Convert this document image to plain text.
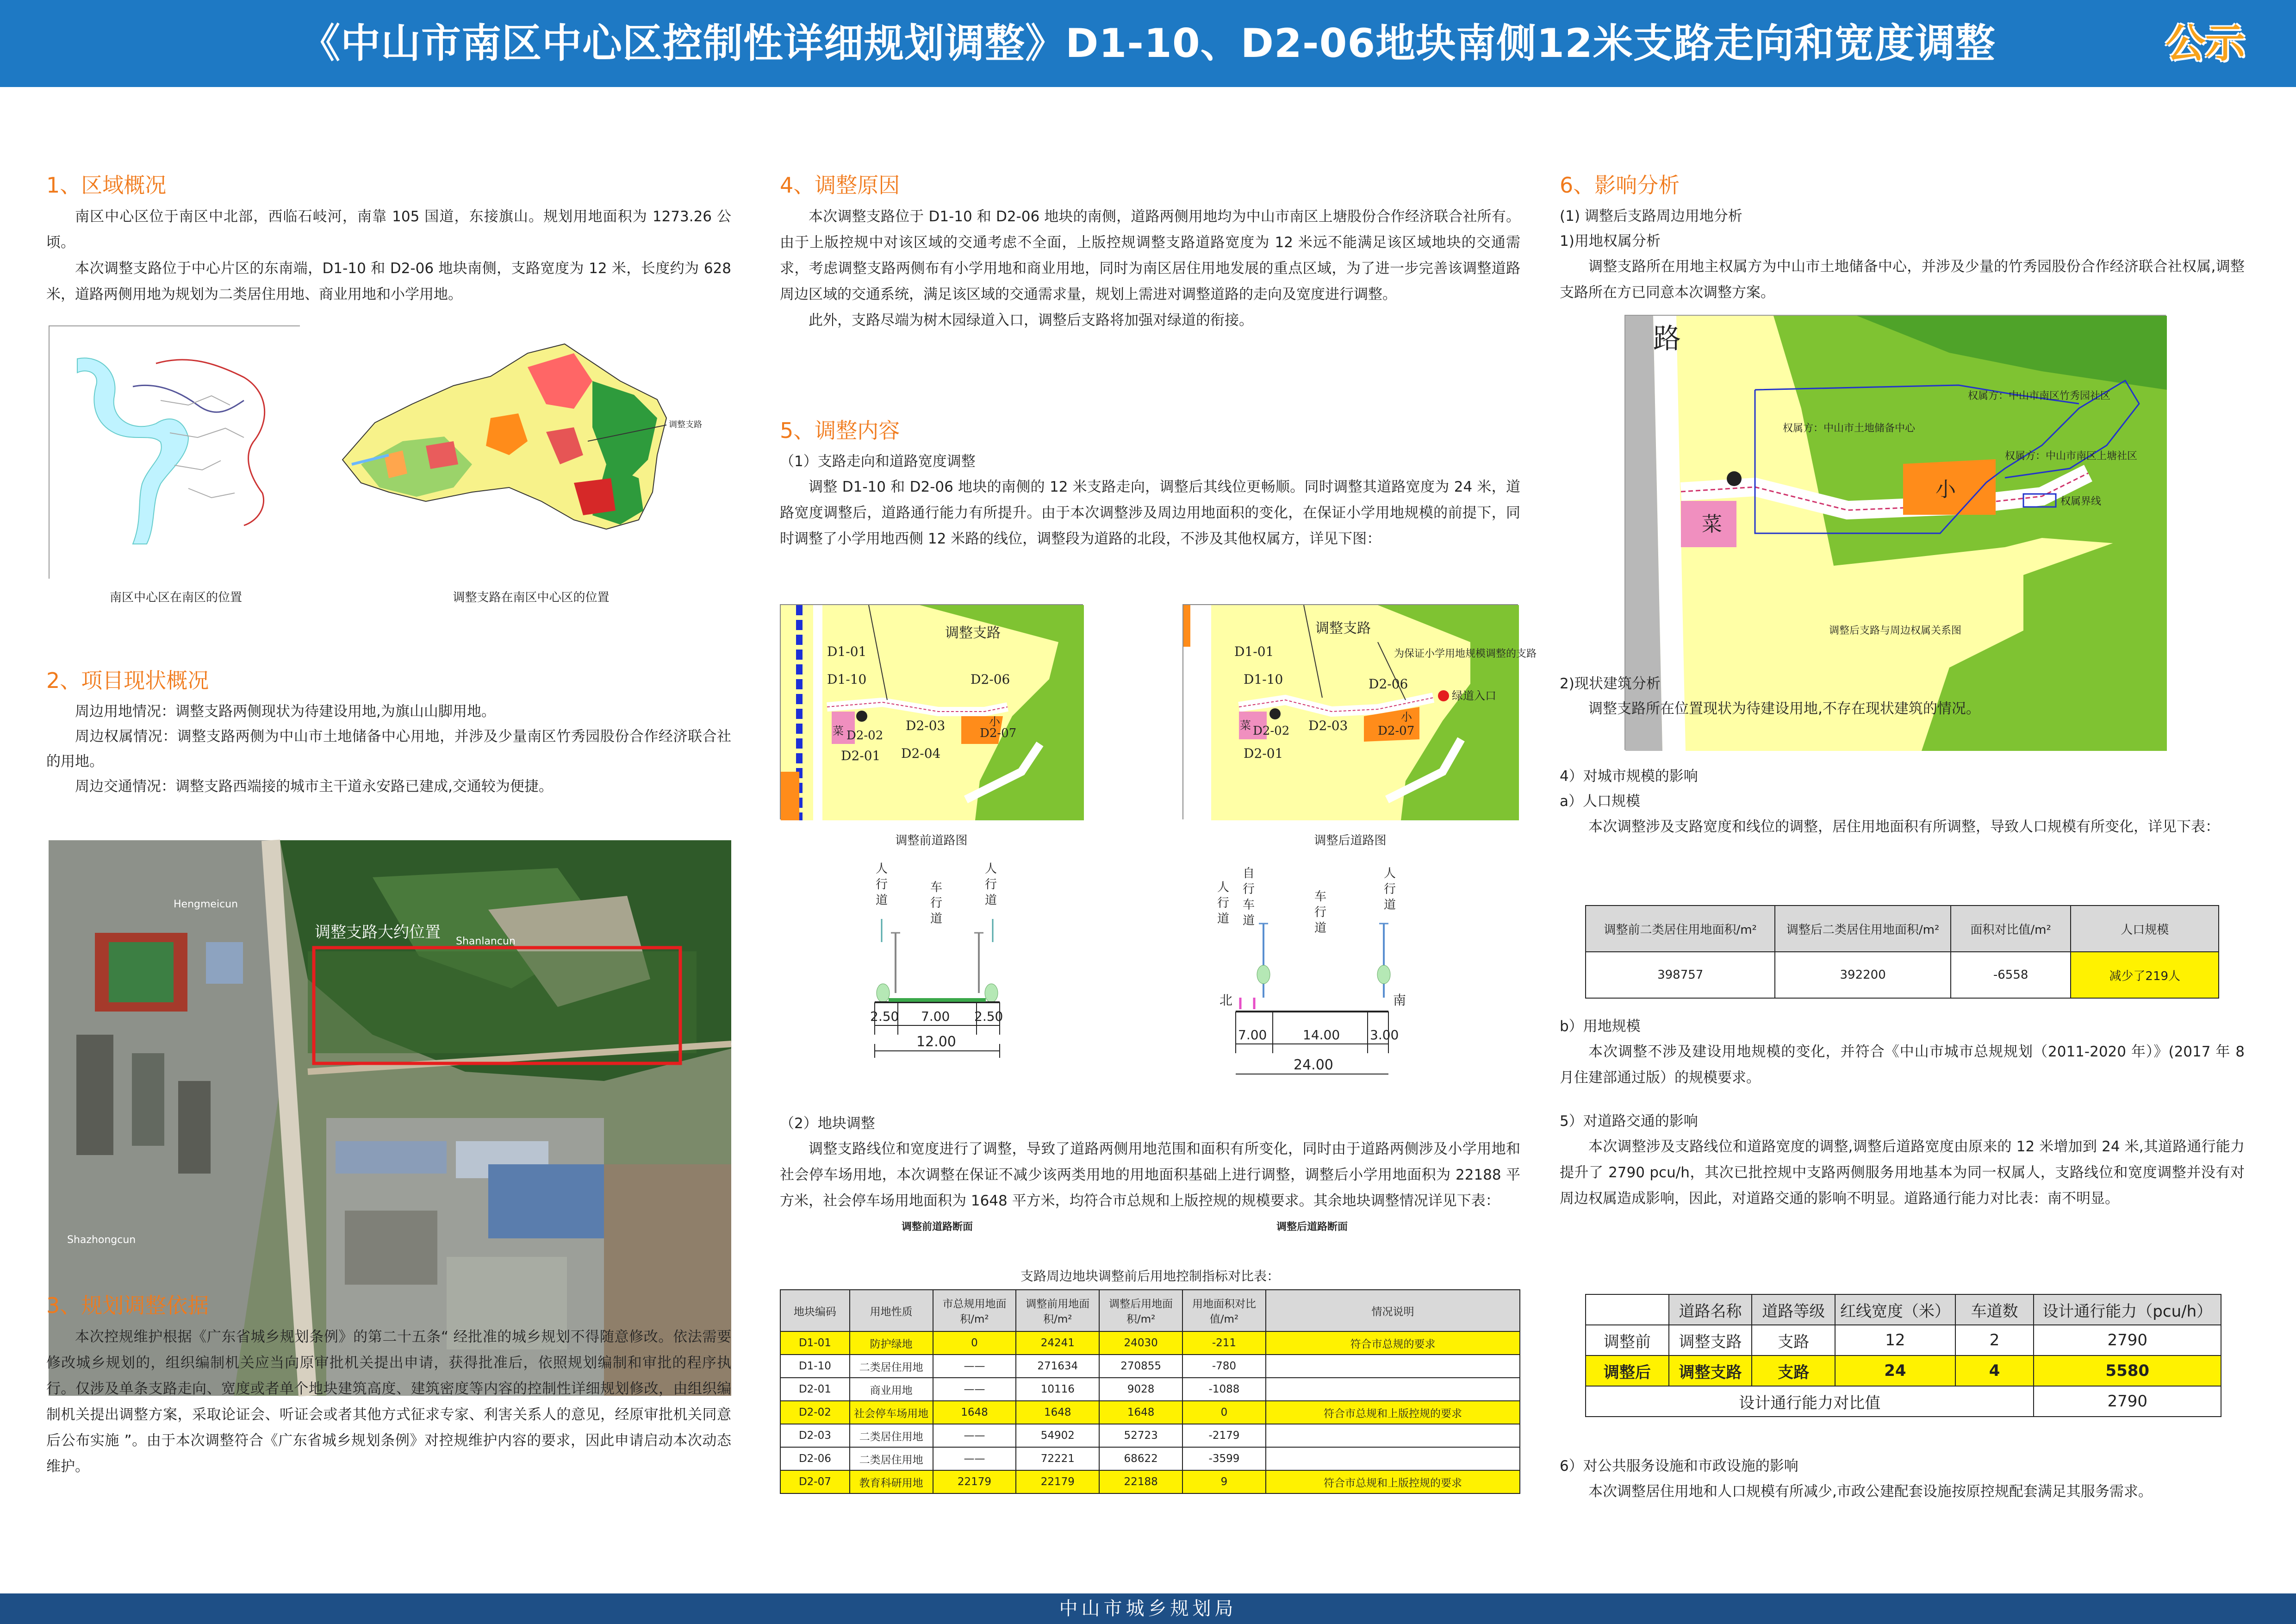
《中山市南区中心区控制性详细规划调整》D1-10、D2-06地块南侧12米支路走向和宽度调整	公示
1、区域概况
南区中心区位于南区中北部，西临石岐河，南靠 105 国道，东接旗山。规划用地面积为 1273.26 公顷。
本次调整支路位于中心片区的东南端，D1-10 和 D2-06 地块南侧，支路宽度为 12 米，长度约为 628 米，道路两侧用地为规划为二类居住用地、商业用地和小学用地。
调整支路
南区中心区在南区的位置	调整支路在南区中心区的位置
2、项目现状概况
周边用地情况：调整支路两侧现状为待建设用地,为旗山山脚用地。
周边权属情况：调整支路两侧为中山市土地储备中心用地，并涉及少量南区竹秀园股份合作经济联合社的用地。
周边交通情况：调整支路西端接的城市主干道永安路已建成,交通较为便捷。
调整支路大约位置
Hengmeicun
Shanlancun
Shazhongcun
3、规划调整依据
本次控规维护根据《广东省城乡规划条例》的第二十五条“ 经批准的城乡规划不得随意修改。依法需要修改城乡规划的，组织编制机关应当向原审批机关提出申请，获得批准后，依照规划编制和审批的程序执行。仅涉及单条支路走向、宽度或者单个地块建筑高度、建筑密度等内容的控制性详细规划修改，由组织编制机关提出调整方案，采取论证会、听证会或者其他方式征求专家、利害关系人的意见，经原审批机关同意后公布实施 ”。由于本次调整符合《广东省城乡规划条例》对控规维护内容的要求，因此申请启动本次动态维护。
4、调整原因
本次调整支路位于 D1-10 和 D2-06 地块的南侧，道路两侧用地均为中山市南区上塘股份合作经济联合社所有。由于上版控规中对该区域的交通考虑不全面，上版控规调整支路道路宽度为 12 米远不能满足该区域地块的交通需求，考虑调整支路两侧布有小学用地和商业用地，同时为南区居住用地发展的重点区域，为了进一步完善该调整道路周边区域的交通系统，满足该区域的交通需求量，规划上需进对调整道路的走向及宽度进行调整。
此外，支路尽端为树木园绿道入口，调整后支路将加强对绿道的衔接。
5、调整内容
（1）支路走向和道路宽度调整
调整 D1-10 和 D2-06 地块的南侧的 12 米支路走向，调整后其线位更畅顺。同时调整其道路宽度为 24 米，道路宽度调整后，道路通行能力有所提升。由于本次调整涉及周边用地面积的变化，在保证小学用地规模的前提下，同时调整了小学用地西侧 12 米路的线位，调整段为道路的北段，不涉及其他权属方，详见下图：
调整支路
D1-01
D1-10	D2-06
菜 D2-02
D2-03	小
D2-07
D2-01 D2-04
调整支路
为保证小学用地规模调整的支路
绿道入口
D1-01
D1-10	D2-06
菜 D2-02 D2-03
小
D2-07
D2-01
调整前道路图	调整后道路图
人行道
车行道
人行道
2.50 7.00 2.50
12.00
调整前道路断面
人行道
自行车道
车行道
人行道
北	南
7.00	14.00 3.00
24.00
调整后道路断面
（2）地块调整
调整支路线位和宽度进行了调整，导致了道路两侧用地范围和面积有所变化，同时由于道路两侧涉及小学用地和社会停车场用地，本次调整在保证不减少该两类用地的用地面积基础上进行调整，调整后小学用地面积为 22188 平方米，社会停车场用地面积为 1648 平方米，均符合市总规和上版控规的规模要求。其余地块调整情况详见下表：
支路周边地块调整前后用地控制指标对比表：
地块编码	用地性质	市总规用地面积/m²	调整前用地面积/m²	调整后用地面积/m²	用地面积对比值/m²	情况说明
D1-01	防护绿地	0	24241	24030	-211	符合市总规的要求
D1-10	二类居住用地	——	271634	270855	-780	
D2-01	商业用地	——	10116	9028	-1088	
D2-02	社会停车场用地	1648	1648	1648	0	符合市总规和上版控规的要求
D2-03	二类居住用地	——	54902	52723	-2179	
D2-06	二类居住用地	——	72221	68622	-3599	
D2-07	教育科研用地	22179	22179	22188	9	符合市总规和上版控规的要求
6、影响分析
(1) 调整后支路周边用地分析
1)用地权属分析
调整支路所在用地主权属方为中山市土地储备中心，并涉及少量的竹秀园股份合作经济联合社权属,调整支路所在方已同意本次调整方案。
路
权属方：中山市南区竹秀园社区
权属方：中山市土地储备中心
权属方：中山市南区上塘社区
菜
小
权属界线
调整后支路与周边权属关系图
2)现状建筑分析
调整支路所在位置现状为待建设用地,不存在现状建筑的情况。
4）对城市规模的影响
a）人口规模
本次调整涉及支路宽度和线位的调整，居住用地面积有所调整，导致人口规模有所变化，详见下表：
调整前二类居住用地面积/m²	调整后二类居住用地面积/m²	面积对比值/m²	人口规模
398757	392200	-6558	减少了219人
b）用地规模
本次调整不涉及建设用地规模的变化，并符合《中山市城市总规规划（2011-2020 年）》(2017 年 8 月住建部通过版）的规模要求。
5）对道路交通的影响
本次调整涉及支路线位和道路宽度的调整,调整后道路宽度由原来的 12 米增加到 24 米,其道路通行能力提升了 2790 pcu/h，其次已批控规中支路两侧服务用地基本为同一权属人，支路线位和宽度调整并没有对周边权属造成影响，因此，对道路交通的影响不明显。道路通行能力对比表：南不明显。
	道路名称	道路等级	红线宽度（米）	车道数	设计通行能力（pcu/h）
调整前	调整支路	支路	12	2	2790
调整后	调整支路	支路	24	4	5580
设计通行能力对比值					2790
6）对公共服务设施和市政设施的影响
本次调整居住用地和人口规模有所减少,市政公建配套设施按原控规配套满足其服务需求。
中山市城乡规划局
